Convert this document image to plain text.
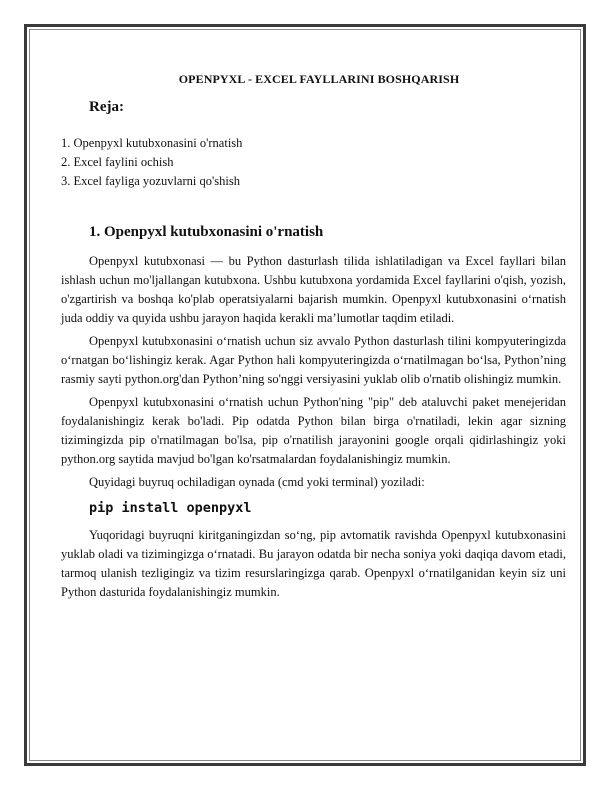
OPENPYXL - EXCEL FAYLLARINI BOSHQARISH
Reja:
1. Openpyxl kutubxonasini o'rnatish
2. Excel faylini ochish
3. Excel fayliga yozuvlarni qo'shish
1. Openpyxl kutubxonasini o'rnatish

Openpyxl kutubxonasi — bu Python dasturlash tilida ishlatiladigan va Excel fayllari bilan ishlash uchun mo'ljallangan kutubxona. Ushbu kutubxona yordamida Excel fayllarini o'qish, yozish, o'zgartirish va boshqa ko'plab operatsiyalarni bajarish mumkin. Openpyxl kutubxonasini o‘rnatish juda oddiy va quyida ushbu jarayon haqida kerakli ma’lumotlar taqdim etiladi.

Openpyxl kutubxonasini o‘rnatish uchun siz avvalo Python dasturlash tilini kompyuteringizda o‘rnatgan bo‘lishingiz kerak. Agar Python hali kompyuteringizda o‘rnatilmagan bo‘lsa, Python’ning rasmiy sayti python.org'dan Python’ning so'nggi versiyasini yuklab olib o'rnatib olishingiz mumkin.

Openpyxl kutubxonasini o‘rnatish uchun Python'ning "pip" deb ataluvchi paket menejeridan foydalanishingiz kerak bo'ladi. Pip odatda Python bilan birga o'rnatiladi, lekin agar sizning tizimingizda pip o'rnatilmagan bo'lsa, pip o'rnatilish jarayonini google orqali qidirlashingiz yoki python.org saytida mavjud bo'lgan ko'rsatmalardan foydalanishingiz mumkin.

Quyidagi buyruq ochiladigan oynada (cmd yoki terminal) yoziladi:

pip install openpyxl

Yuqoridagi buyruqni kiritganingizdan so‘ng, pip avtomatik ravishda Openpyxl kutubxonasini yuklab oladi va tizimingizga o‘rnatadi. Bu jarayon odatda bir necha soniya yoki daqiqa davom etadi, tarmoq ulanish tezligingiz va tizim resurslaringizga qarab. Openpyxl o‘rnatilganidan keyin siz uni Python dasturida foydalanishingiz mumkin.
